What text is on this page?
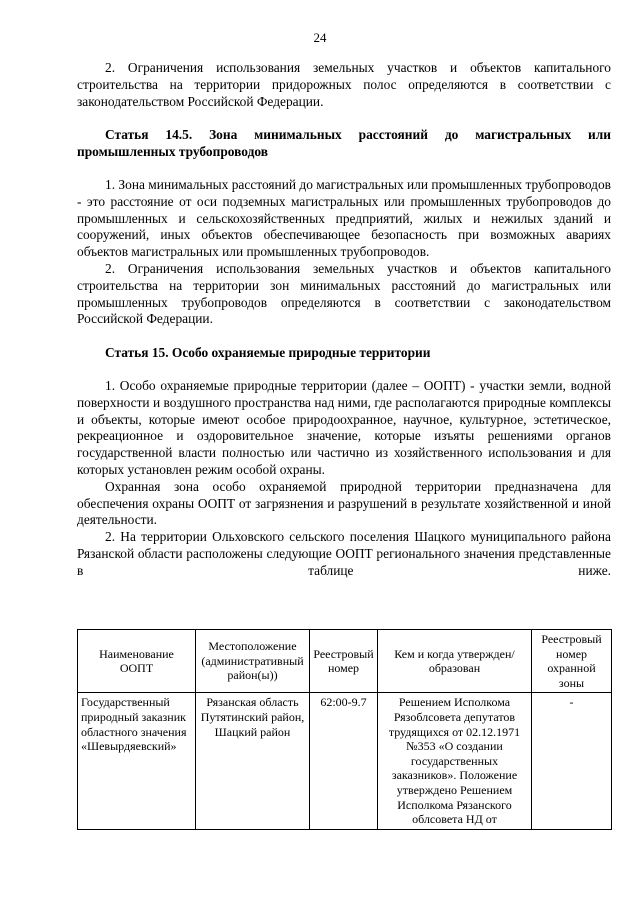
24

2. Ограничения использования земельных участков и объектов капитального строительства на территории придорожных полос определяются в соответствии с законодательством Российской Федерации.

Статья 14.5. Зона минимальных расстояний до магистральных или промышленных трубопроводов

1. Зона минимальных расстояний до магистральных или промышленных трубопроводов - это расстояние от оси подземных магистральных или промышленных трубопроводов до промышленных и сельскохозяйственных предприятий, жилых и нежилых зданий и сооружений, иных объектов обеспечивающее безопасность при возможных авариях объектов магистральных или промышленных трубопроводов.

2. Ограничения использования земельных участков и объектов капитального строительства на территории зон минимальных расстояний до магистральных или промышленных трубопроводов определяются в соответствии с законодательством Российской Федерации.

Статья 15. Особо охраняемые природные территории

1. Особо охраняемые природные территории (далее – ООПТ) - участки земли, водной поверхности и воздушного пространства над ними, где располагаются природные комплексы и объекты, которые имеют особое природоохранное, научное, культурное, эстетическое, рекреационное и оздоровительное значение, которые изъяты решениями органов государственной власти полностью или частично из хозяйственного использования и для которых установлен режим особой охраны.

Охранная зона особо охраняемой природной территории предназначена для обеспечения охраны ООПТ от загрязнения и разрушений в результате хозяйственной и иной деятельности.

2. На территории Ольховского сельского поселения Шацкого муниципального района Рязанской области расположены следующие ООПТ регионального значения представленные в таблице ниже.

Наименование ООПТ	Местоположение (административный район(ы))	Реестровый номер	Кем и когда утвержден/ образован	Реестровый номер охранной зоны
Государственный природный заказник областного значения «Шевырдяевский»	Рязанская область Путятинский район, Шацкий район	62:00-9.7	Решением Исполкома Рязоблсовета депутатов трудящихся от 02.12.1971 №353 «О создании государственных заказников». Положение утверждено Решением Исполкома Рязанского облсовета НД от	-
